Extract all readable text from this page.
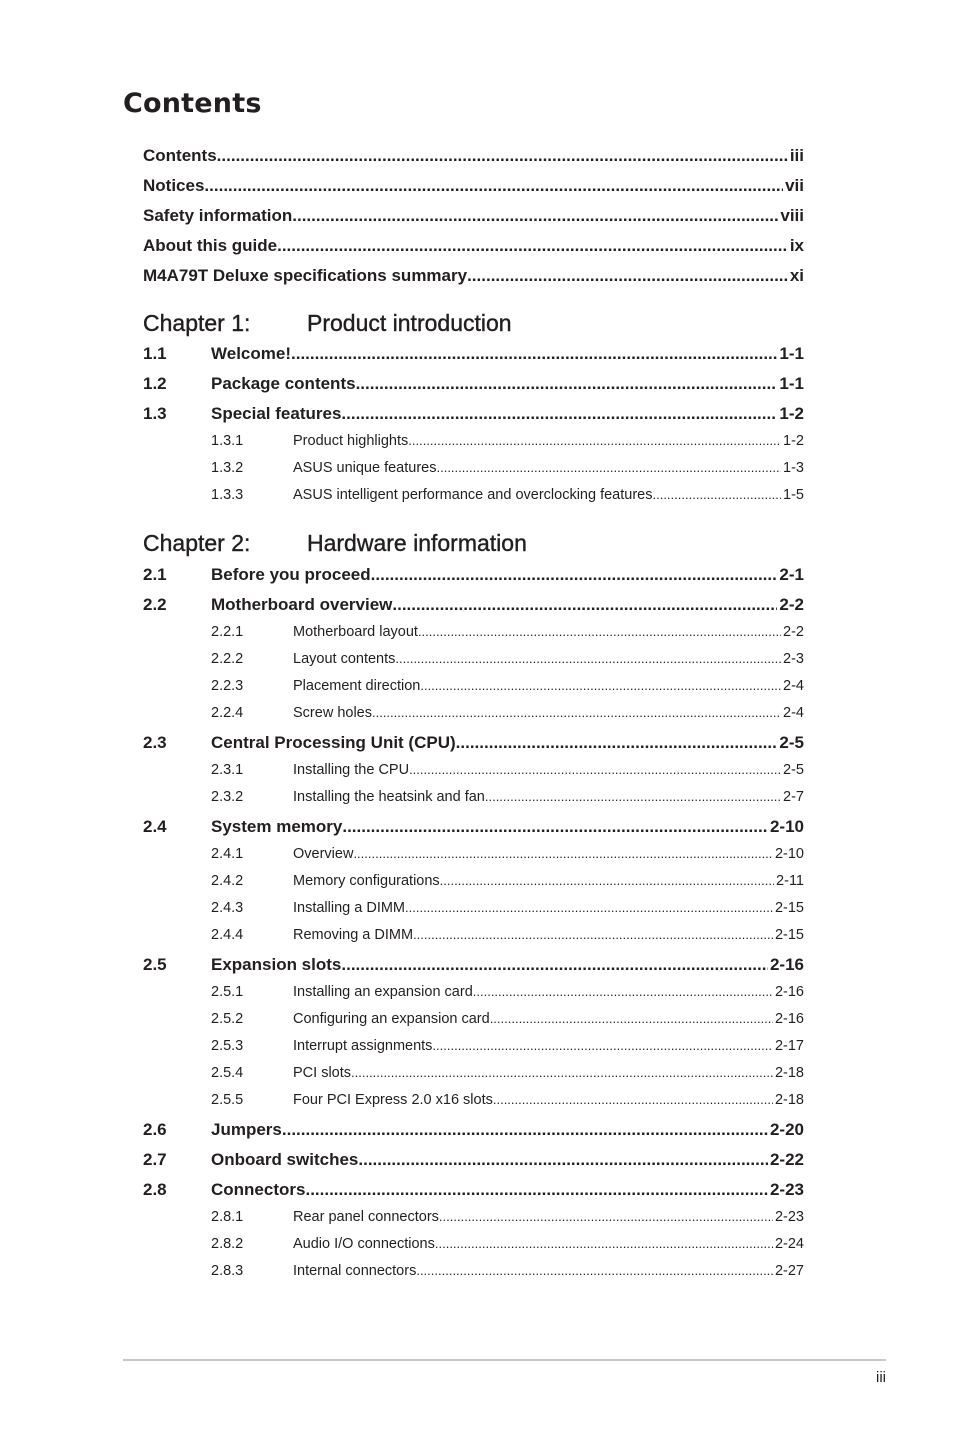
Contents
Contents .....	iii
Notices .....	vii
Safety information .....	viii
About this guide .....	ix
M4A79T Deluxe specifications summary .....	xi
Chapter 1:	Product introduction
1.1	Welcome! .....	1-1
1.2	Package contents .....	1-1
1.3	Special features .....	1-2
1.3.1	Product highlights .....	1-2
1.3.2	ASUS unique features .....	1-3
1.3.3	ASUS intelligent performance and overclocking features .....	1-5
Chapter 2:	Hardware information
2.1	Before you proceed .....	2-1
2.2	Motherboard overview .....	2-2
2.2.1	Motherboard layout .....	2-2
2.2.2	Layout contents .....	2-3
2.2.3	Placement direction .....	2-4
2.2.4	Screw holes .....	2-4
2.3	Central Processing Unit (CPU) .....	2-5
2.3.1	Installing the CPU .....	2-5
2.3.2	Installing the heatsink and fan .....	2-7
2.4	System memory .....	2-10
2.4.1	Overview .....	2-10
2.4.2	Memory configurations .....	2-11
2.4.3	Installing a DIMM .....	2-15
2.4.4	Removing a DIMM .....	2-15
2.5	Expansion slots .....	2-16
2.5.1	Installing an expansion card .....	2-16
2.5.2	Configuring an expansion card .....	2-16
2.5.3	Interrupt assignments .....	2-17
2.5.4	PCI slots .....	2-18
2.5.5	Four PCI Express 2.0 x16 slots .....	2-18
2.6	Jumpers .....	2-20
2.7	Onboard switches .....	2-22
2.8	Connectors .....	2-23
2.8.1	Rear panel connectors .....	2-23
2.8.2	Audio I/O connections .....	2-24
2.8.3	Internal connectors .....	2-27
iii
